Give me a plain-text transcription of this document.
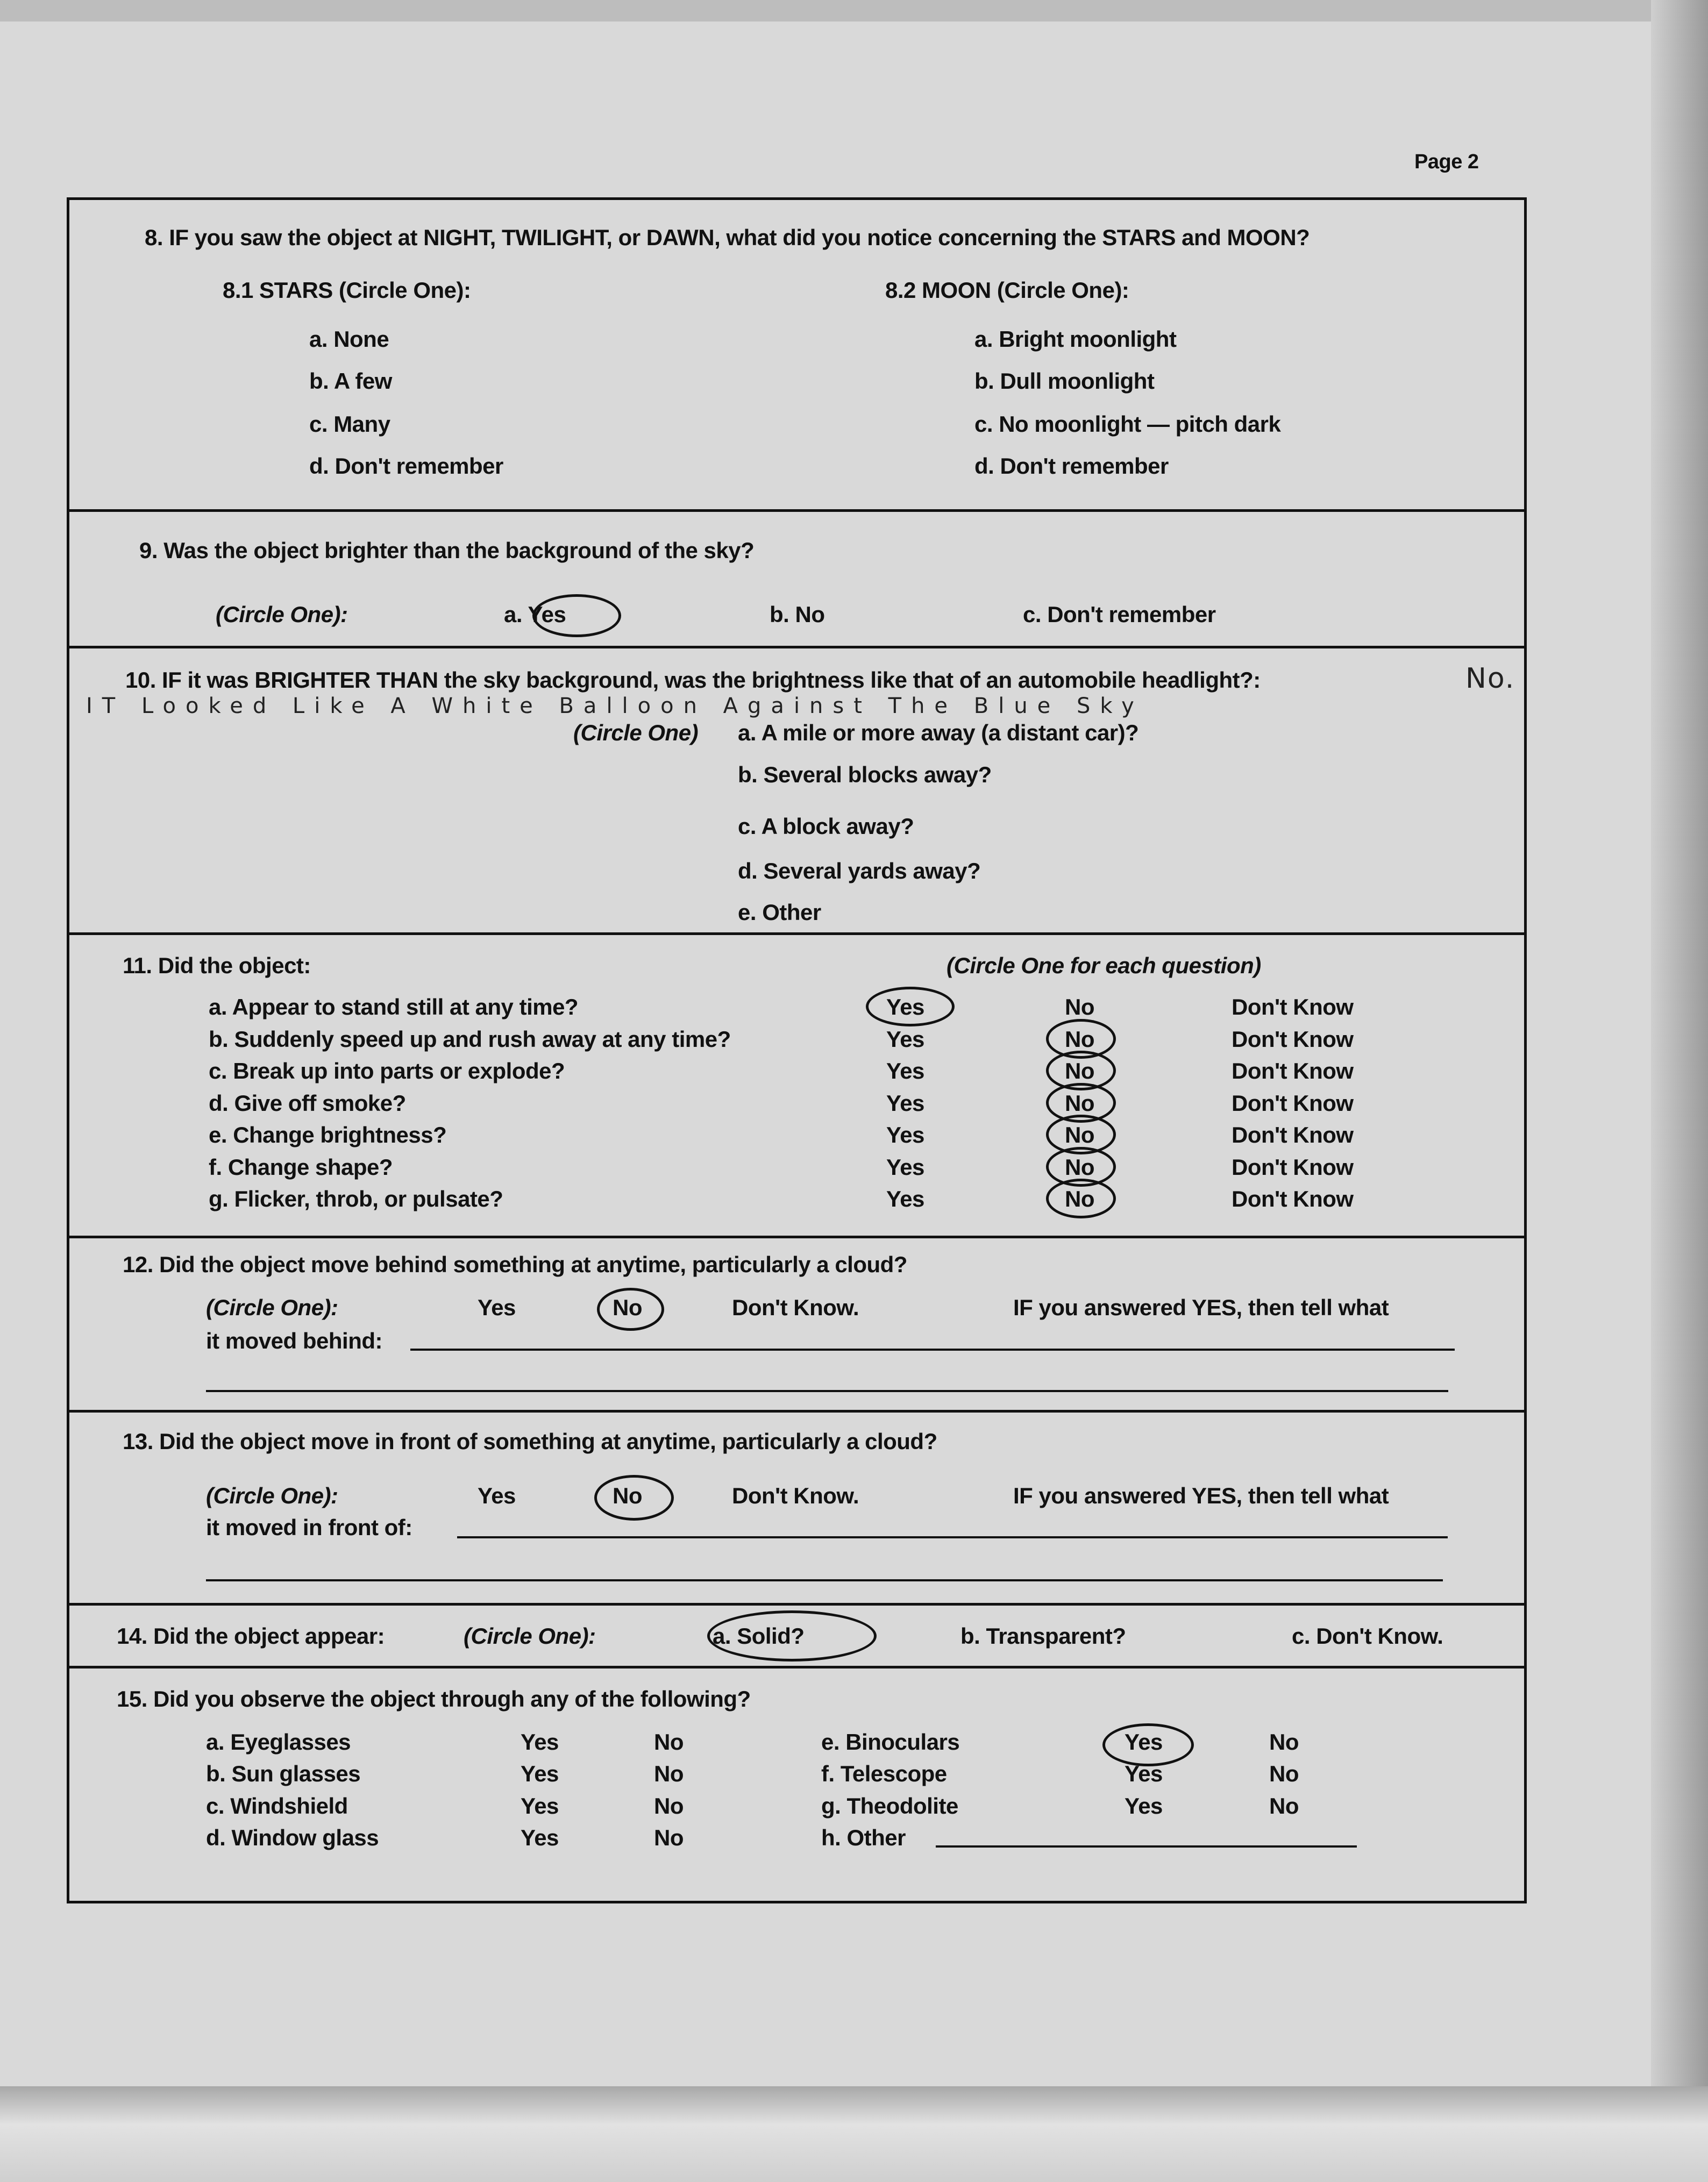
Page 2
8. IF you saw the object at NIGHT, TWILIGHT, or DAWN, what did you notice concerning the STARS and MOON?
8.1 STARS (Circle One):	8.2 MOON (Circle One):
a. None
b. A few
c. Many
d. Don't remember
a. Bright moonlight
b. Dull moonlight
c. No moonlight — pitch dark
d. Don't remember
9. Was the object brighter than the background of the sky?
(Circle One):	a. Yes	b. No	c. Don't remember
10. IF it was BRIGHTER THAN the sky background, was the brightness like that of an automobile headlight?:	No.
IT Looked Like A White Balloon Against The Blue Sky
(Circle One) a. A mile or more away (a distant car)?
b. Several blocks away?
c. A block away?
d. Several yards away?
e. Other
11. Did the object:	(Circle One for each question)
a. Appear to stand still at any time?	Yes	No	Don't Know
b. Suddenly speed up and rush away at any time?	Yes	No	Don't Know
c. Break up into parts or explode?	Yes	No	Don't Know
d. Give off smoke?	Yes	No	Don't Know
e. Change brightness?	Yes	No	Don't Know
f. Change shape?	Yes	No	Don't Know
g. Flicker, throb, or pulsate?	Yes	No	Don't Know
12. Did the object move behind something at anytime, particularly a cloud?
(Circle One):	Yes	No	Don't Know.	IF you answered YES, then tell what
it moved behind:
13. Did the object move in front of something at anytime, particularly a cloud?
(Circle One):	Yes	No	Don't Know.	IF you answered YES, then tell what
it moved in front of:
14. Did the object appear:	(Circle One):	a. Solid?	b. Transparent?	c. Don't Know.
15. Did you observe the object through any of the following?
a. Eyeglasses	Yes	No	e. Binoculars	Yes	No
b. Sun glasses	Yes	No	f. Telescope	Yes	No
c. Windshield	Yes	No	g. Theodolite	Yes	No
d. Window glass	Yes	No	h. Other
